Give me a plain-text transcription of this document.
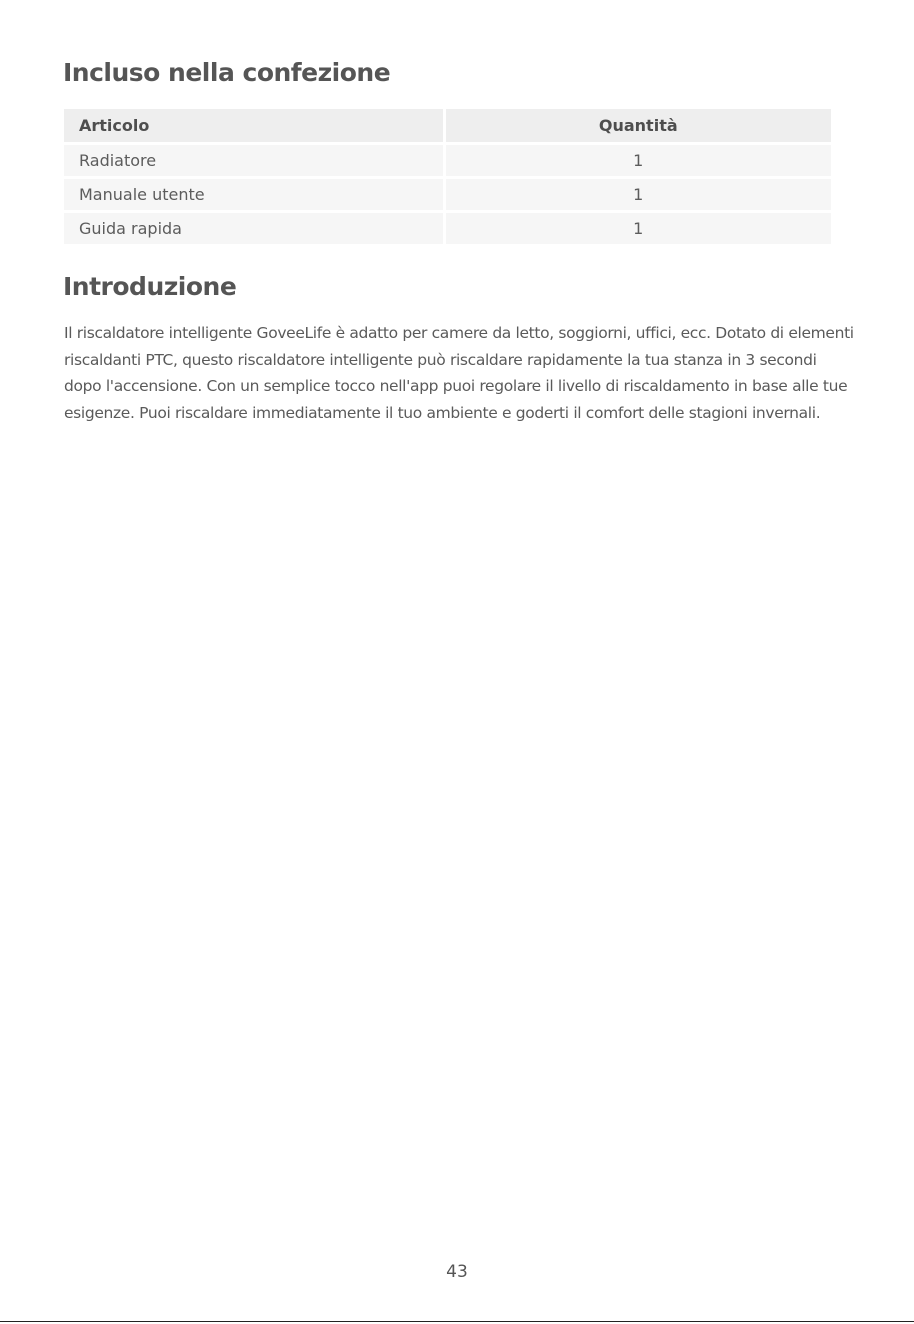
Incluso nella confezione
Articolo	Quantità
Radiatore	1
Manuale utente	1
Guida rapida	1
Introduzione

Il riscaldatore intelligente GoveeLife è adatto per camere da letto, soggiorni, uffici, ecc. Dotato di elementi riscaldanti PTC, questo riscaldatore intelligente può riscaldare rapidamente la tua stanza in 3 secondi dopo l'accensione. Con un semplice tocco nell'app puoi regolare il livello di riscaldamento in base alle tue esigenze. Puoi riscaldare immediatamente il tuo ambiente e goderti il comfort delle stagioni invernali.

43
